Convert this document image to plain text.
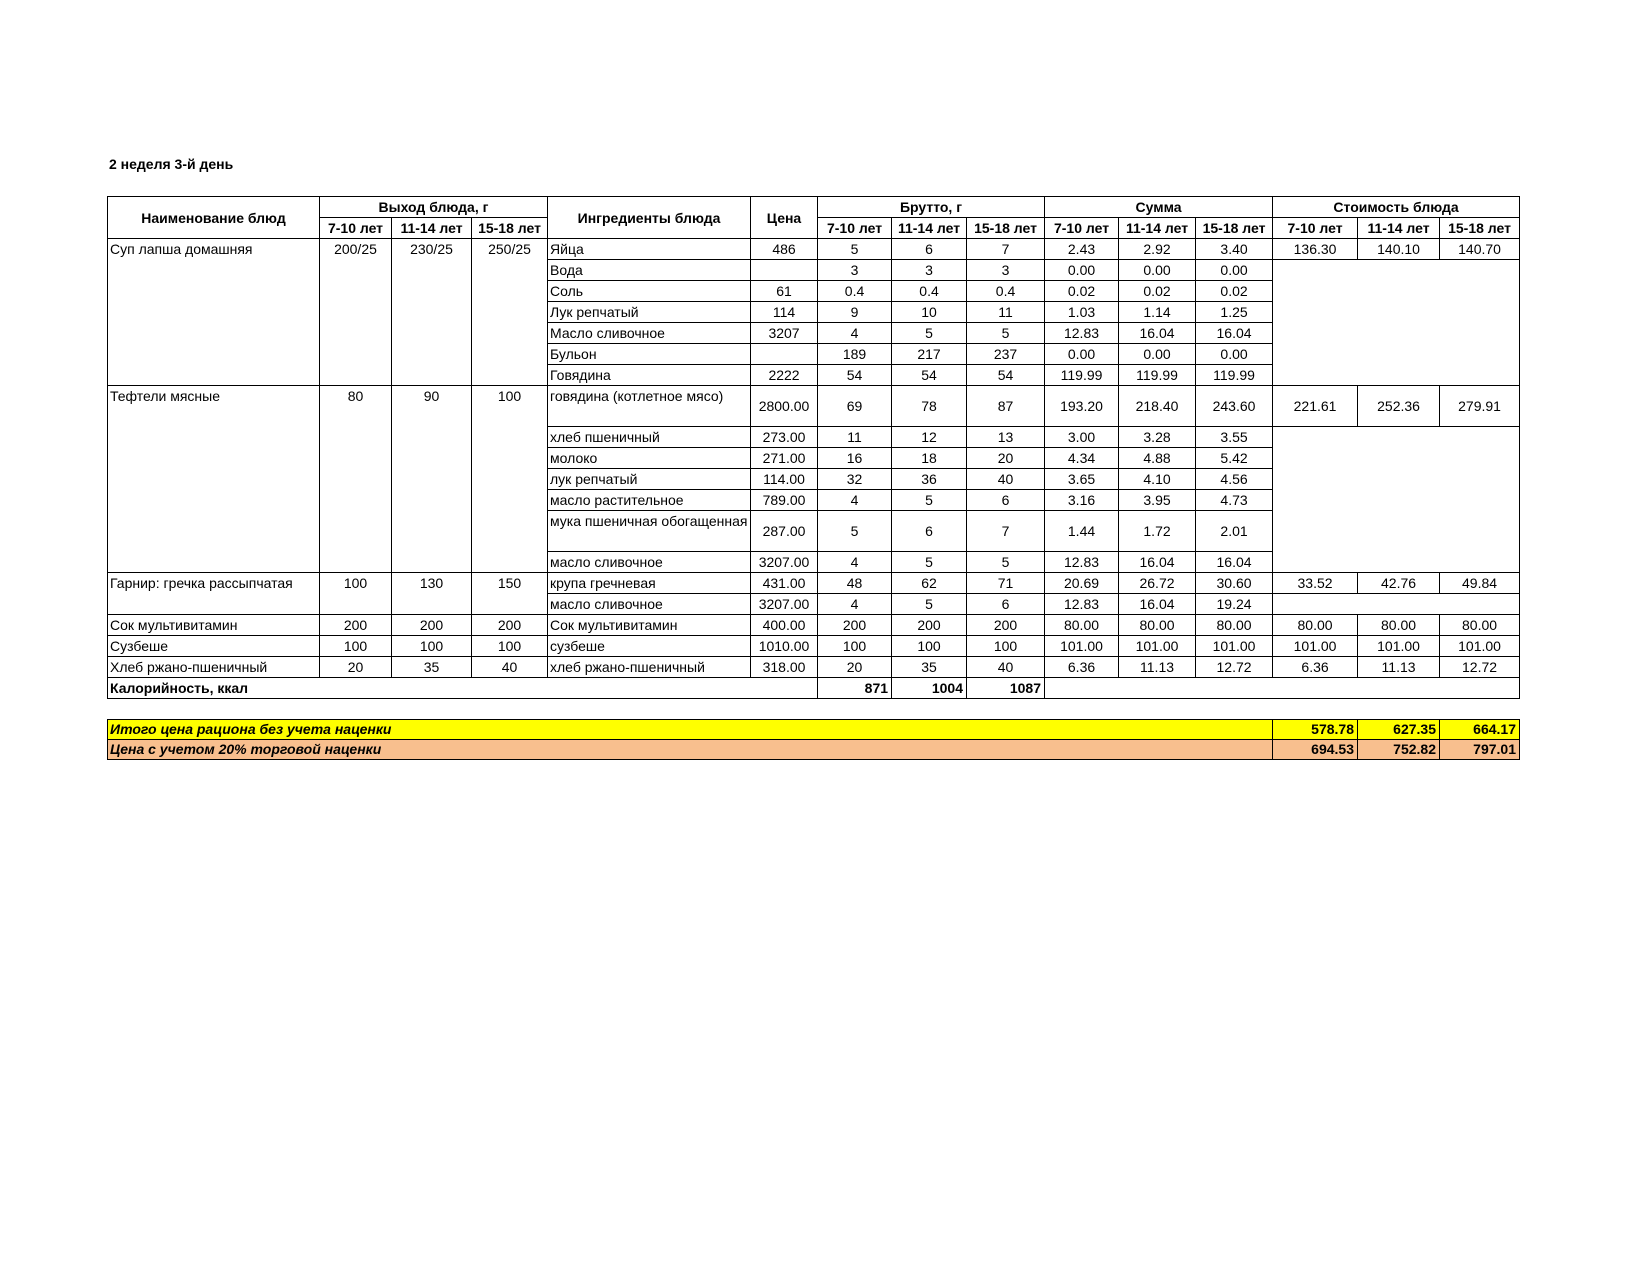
2 неделя 3-й день
Наименование блюд	Выход блюда, г			Ингредиенты блюда	Цена	Брутто, г			Сумма			Стоимость блюда		
	7-10 лет	11-14 лет	15-18 лет			7-10 лет	11-14 лет	15-18 лет	7-10 лет	11-14 лет	15-18 лет	7-10 лет	11-14 лет	15-18 лет
Суп лапша домашняя	200/25	230/25	250/25	Яйца	486	5	6	7	2.43	2.92	3.40	136.30	140.10	140.70
				Вода		3	3	3	0.00	0.00	0.00			
				Соль	61	0.4	0.4	0.4	0.02	0.02	0.02			
				Лук репчатый	114	9	10	11	1.03	1.14	1.25			
				Масло сливочное	3207	4	5	5	12.83	16.04	16.04			
				Бульон		189	217	237	0.00	0.00	0.00			
				Говядина	2222	54	54	54	119.99	119.99	119.99			
Тефтели мясные	80	90	100	говядина (котлетное мясо)	2800.00	69	78	87	193.20	218.40	243.60	221.61	252.36	279.91
				хлеб пшеничный	273.00	11	12	13	3.00	3.28	3.55			
				молоко	271.00	16	18	20	4.34	4.88	5.42			
				лук репчатый	114.00	32	36	40	3.65	4.10	4.56			
				масло растительное	789.00	4	5	6	3.16	3.95	4.73			
				мука пшеничная обогащенная	287.00	5	6	7	1.44	1.72	2.01			
				масло сливочное	3207.00	4	5	5	12.83	16.04	16.04			
Гарнир: гречка рассыпчатая	100	130	150	крупа гречневая	431.00	48	62	71	20.69	26.72	30.60	33.52	42.76	49.84
				масло сливочное	3207.00	4	5	6	12.83	16.04	19.24			
Сок мультивитамин	200	200	200	Сок мультивитамин	400.00	200	200	200	80.00	80.00	80.00	80.00	80.00	80.00
Сузбеше	100	100	100	сузбеше	1010.00	100	100	100	101.00	101.00	101.00	101.00	101.00	101.00
Хлеб ржано-пшеничный	20	35	40	хлеб ржано-пшеничный	318.00	20	35	40	6.36	11.13	12.72	6.36	11.13	12.72
Калорийность, ккал						871	1004	1087						
Итого цена рациона без учета наценки	578.78	627.35	664.17
Цена с учетом 20% торговой наценки	694.53	752.82	797.01
